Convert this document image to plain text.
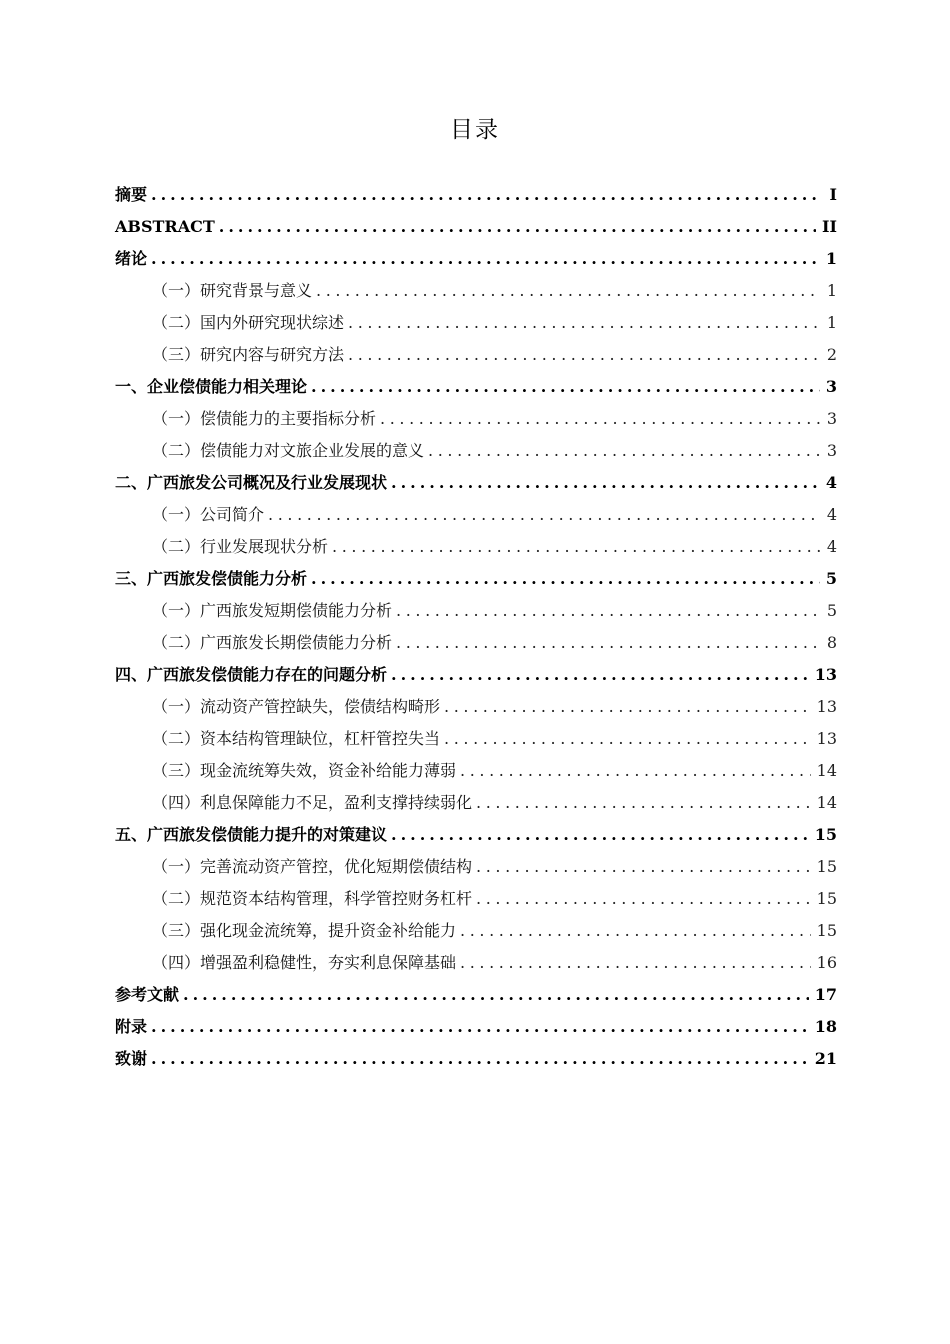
目录
摘要 .....	I
ABSTRACT .....	II
绪论 .....	1
（一）研究背景与意义 .....	1
（二）国内外研究现状综述 .....	1
（三）研究内容与研究方法 .....	2
一、企业偿债能力相关理论 .....	3
（一）偿债能力的主要指标分析 .....	3
（二）偿债能力对文旅企业发展的意义 .....	3
二、广西旅发公司概况及行业发展现状 .....	4
（一）公司简介 .....	4
（二）行业发展现状分析 .....	4
三、广西旅发偿债能力分析 .....	5
（一）广西旅发短期偿债能力分析 .....	5
（二）广西旅发长期偿债能力分析 .....	8
四、广西旅发偿债能力存在的问题分析 .....	13
（一）流动资产管控缺失，偿债结构畸形 .....	13
（二）资本结构管理缺位，杠杆管控失当 .....	13
（三）现金流统筹失效，资金补给能力薄弱 .....	14
（四）利息保障能力不足，盈利支撑持续弱化 .....	14
五、广西旅发偿债能力提升的对策建议 .....	15
（一）完善流动资产管控，优化短期偿债结构 .....	15
（二）规范资本结构管理，科学管控财务杠杆 .....	15
（三）强化现金流统筹，提升资金补给能力 .....	15
（四）增强盈利稳健性，夯实利息保障基础 .....	16
参考文献 .....	17
附录 .....	18
致谢 .....	21
